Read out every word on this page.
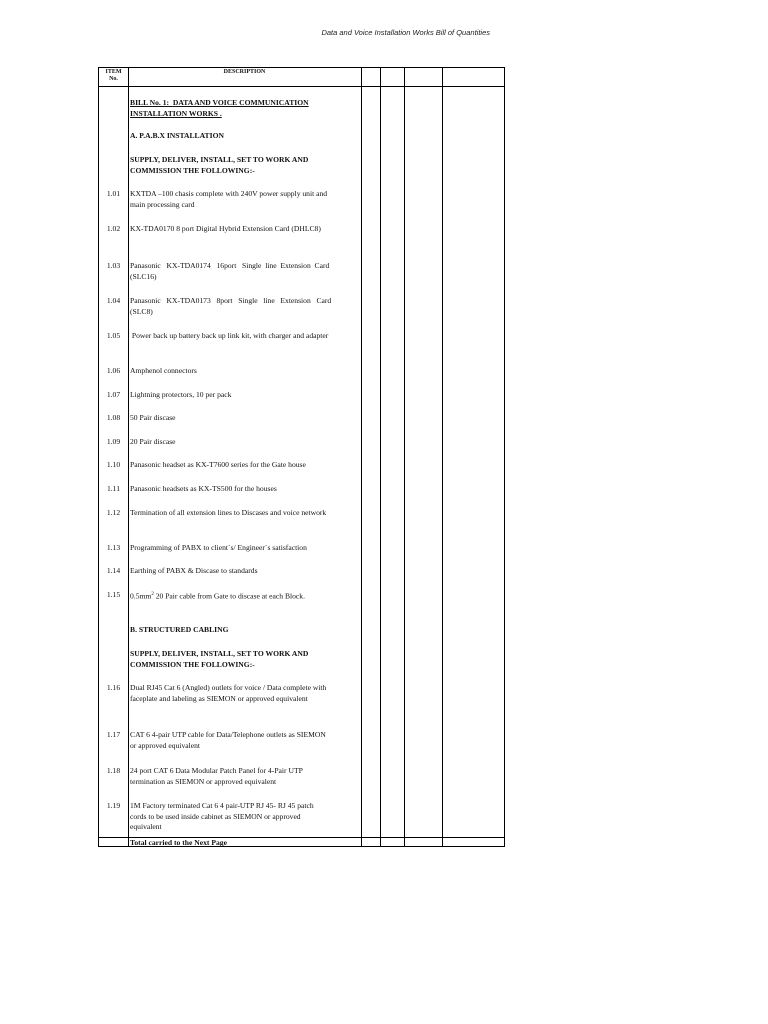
Data and Voice Installation Works Bill of Quantities
ITEM
No.
DESCRIPTION
BILL No. 1: DATA AND VOICE COMMUNICATION
INSTALLATION WORKS .
A. P.A.B.X INSTALLATION
SUPPLY, DELIVER, INSTALL, SET TO WORK AND
COMMISSION THE FOLLOWING:-
1.01	KXTDA –100 chasis complete with 240V power supply unit and
main processing card
1.02	KX-TDA0170 8 port Digital Hybrid Extension Card (DHLC8)
1.03	Panasonic   KX-TDA0174   16port   Single  line  Extension  Card
(SLC16)
1.04	Panasonic   KX-TDA0173   8port   Single   line   Extension   Card
(SLC8)
1.05	Power back up battery back up link kit, with charger and adapter
1.06	Amphenol connectors
1.07	Lightning protectors, 10 per pack
1.08	50 Pair discase
1.09	20 Pair discase
1.10	Panasonic headset as KX-T7600 series for the Gate house
1.11	Panasonic headsets as KX-TS500 for the houses
1.12	Termination of all extension lines to Discases and voice network
1.13	Programming of PABX to client`s/ Engineer`s satisfaction
1.14	Earthing of PABX & Discase to standards
1.15	$0.5mm^2$ 20 Pair cable from Gate to discase at each Block.
B. STRUCTURED CABLING
SUPPLY, DELIVER, INSTALL, SET TO WORK AND
COMMISSION THE FOLLOWING:-
1.16	Dual RJ45 Cat 6 (Angled) outlets for voice / Data complete with
faceplate and labeling as SIEMON or approved equivalent
1.17	CAT 6 4-pair UTP cable for Data/Telephone outlets as SIEMON
or approved equivalent
1.18	24 port CAT 6 Data Modular Patch Panel for 4-Pair UTP
termination as SIEMON or approved equivalent
1.19	1M Factory terminated Cat 6 4 pair-UTP RJ 45- RJ 45 patch
cords to be used inside cabinet as SIEMON or approved
equivalent
Total carried to the Next Page
